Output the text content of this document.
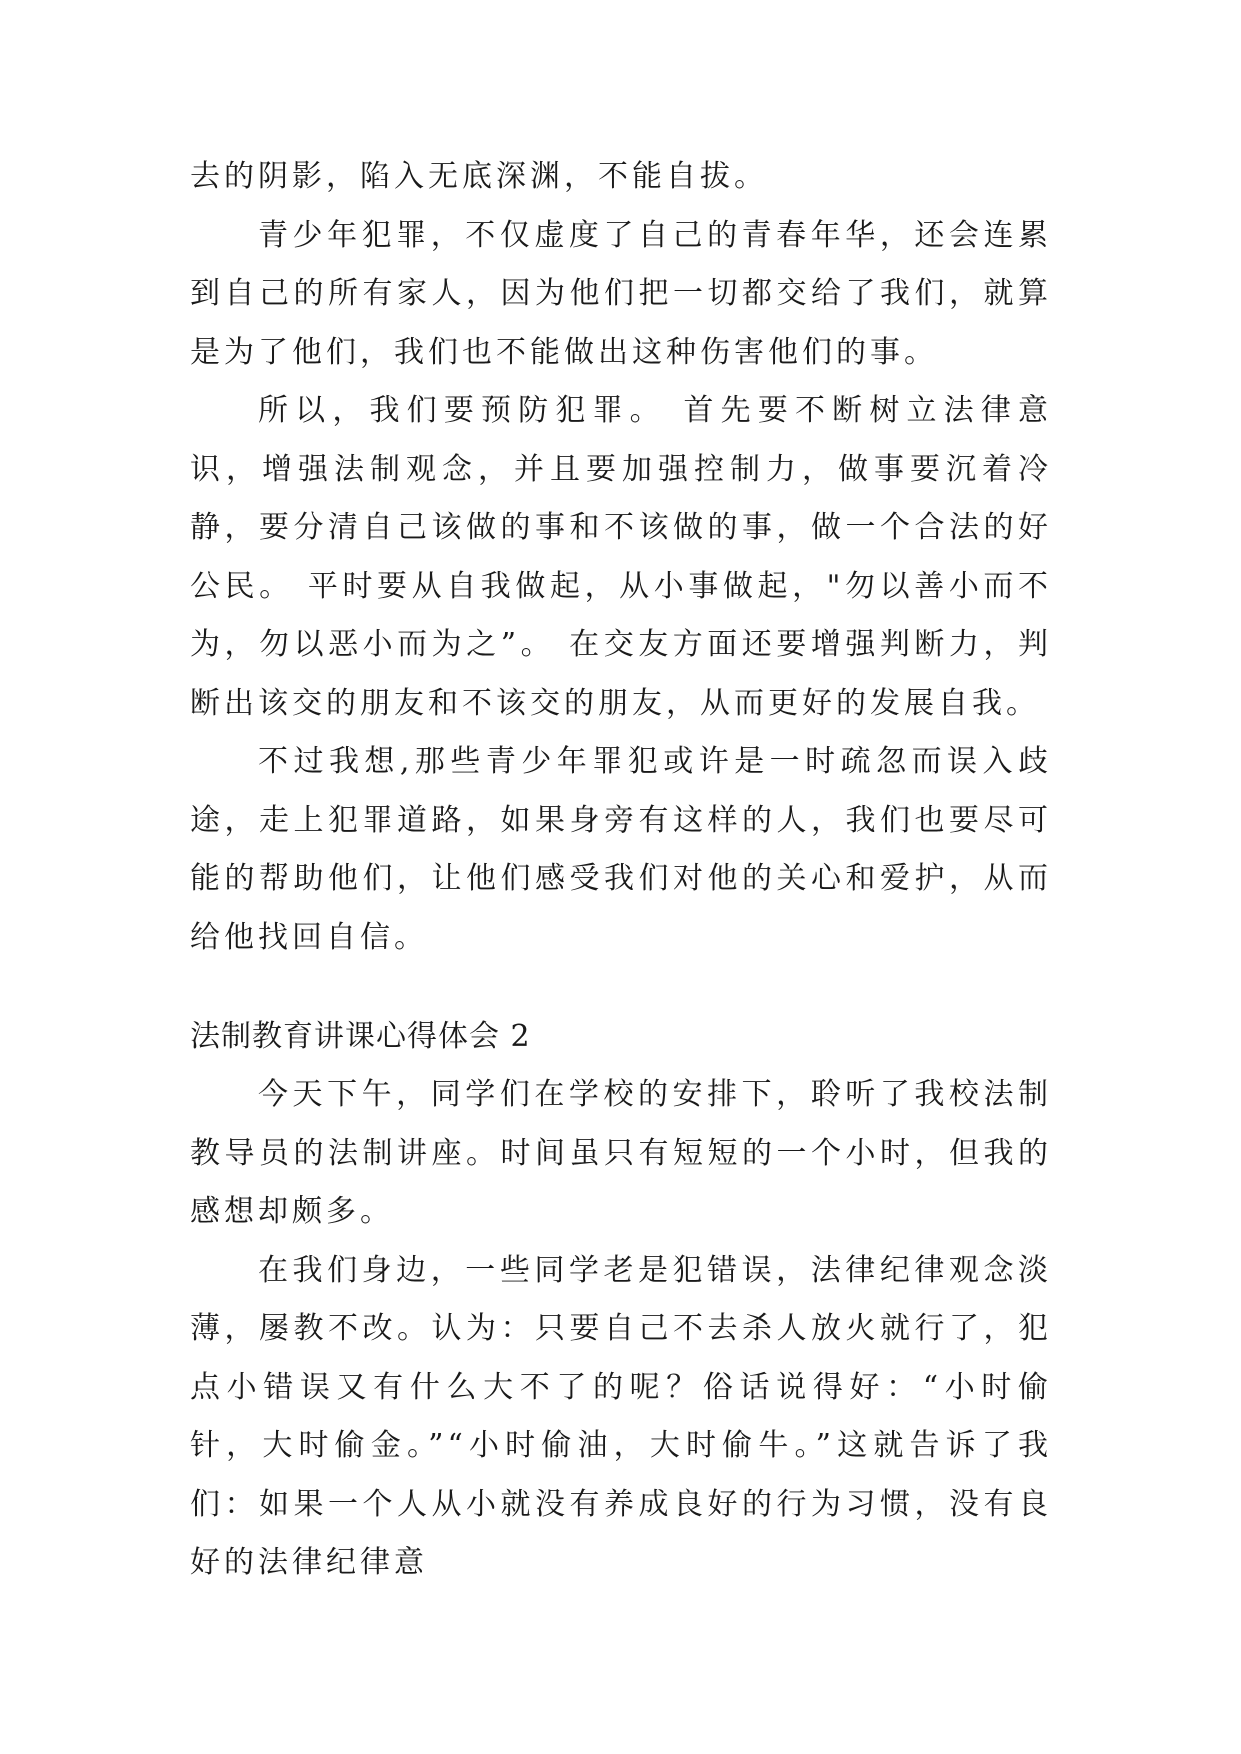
去的阴影，陷入无底深渊，不能自拔。

青少年犯罪，不仅虚度了自己的青春年华，还会连累到自己的所有家人，因为他们把一切都交给了我们，就算是为了他们，我们也不能做出这种伤害他们的事。

所以，我们要预防犯罪。 首先要不断树立法律意识，增强法制观念，并且要加强控制力，做事要沉着冷静，要分清自己该做的事和不该做的事，做一个合法的好公民。 平时要从自我做起，从小事做起，"勿以善小而不为，勿以恶小而为之”。 在交友方面还要增强判断力，判断出该交的朋友和不该交的朋友，从而更好的发展自我。

不过我想,那些青少年罪犯或许是一时疏忽而误入歧途，走上犯罪道路，如果身旁有这样的人，我们也要尽可能的帮助他们，让他们感受我们对他的关心和爱护，从而给他找回自信。

法制教育讲课心得体会 2

今天下午，同学们在学校的安排下，聆听了我校法制教导员的法制讲座。时间虽只有短短的一个小时，但我的感想却颇多。

在我们身边，一些同学老是犯错误，法律纪律观念淡薄，屡教不改。认为：只要自己不去杀人放火就行了，犯点小错误又有什么大不了的呢？俗话说得好：“小时偷针，大时偷金。”“小时偷油，大时偷牛。”这就告诉了我们：如果一个人从小就没有养成良好的行为习惯，没有良好的法律纪律意
